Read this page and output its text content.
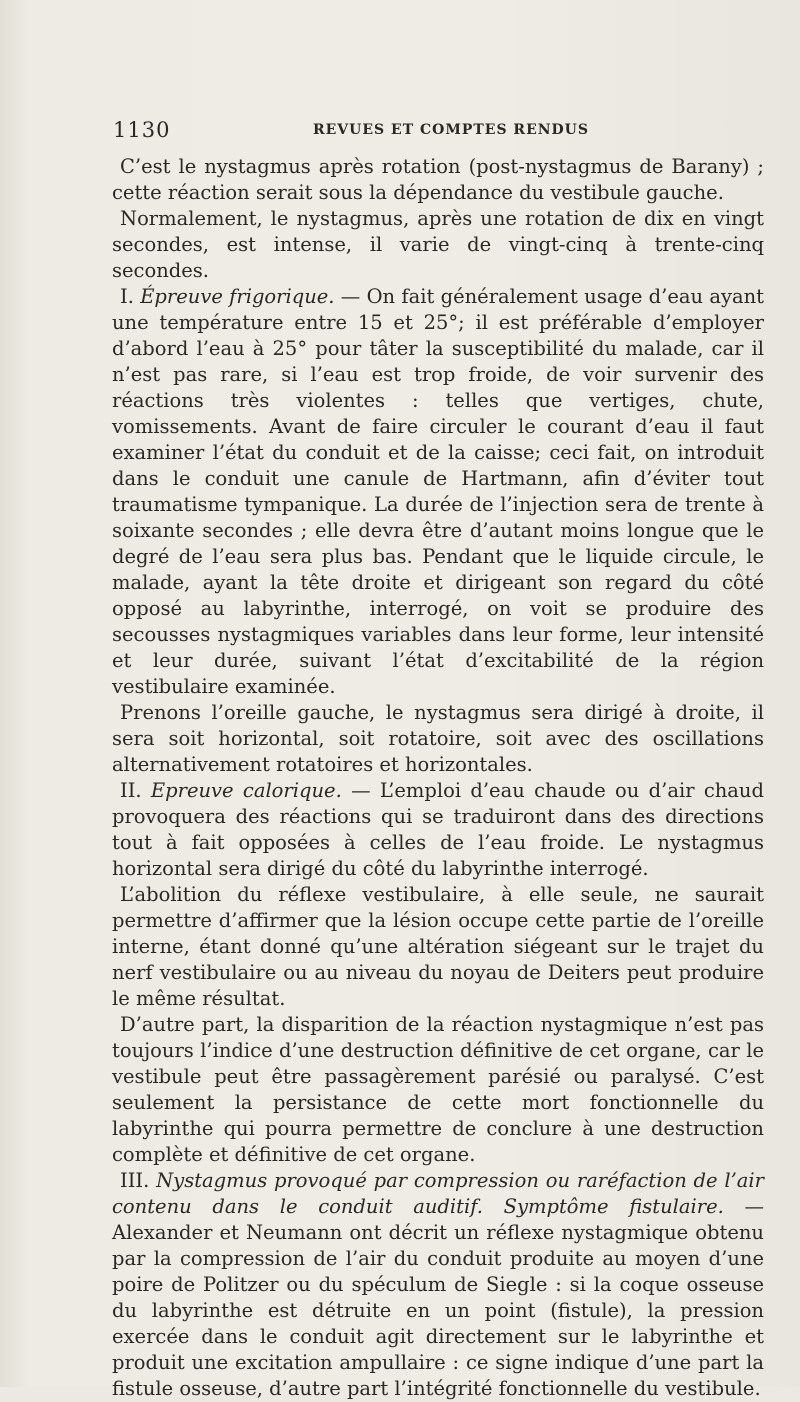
1130	REVUES ET COMPTES RENDUS

C’est le nystagmus après rotation (post-nystagmus de Barany) ; cette réaction serait sous la dépendance du vestibule gauche.

Normalement, le nystagmus, après une rotation de dix en vingt secondes, est intense, il varie de vingt-cinq à trente-cinq secondes.

I. Épreuve frigorique. — On fait généralement usage d’eau ayant une température entre 15 et 25°; il est préférable d’employer d’abord l’eau à 25° pour tâter la susceptibilité du malade, car il n’est pas rare, si l’eau est trop froide, de voir survenir des réactions très violentes : telles que vertiges, chute, vomissements. Avant de faire circuler le courant d’eau il faut examiner l’état du conduit et de la caisse; ceci fait, on introduit dans le conduit une canule de Hartmann, afin d’éviter tout traumatisme tympanique. La durée de l’injection sera de trente à soixante secondes ; elle devra être d’autant moins longue que le degré de l’eau sera plus bas. Pendant que le liquide circule, le malade, ayant la tête droite et dirigeant son regard du côté opposé au labyrinthe, interrogé, on voit se produire des secousses nystagmiques variables dans leur forme, leur intensité et leur durée, suivant l’état d’excitabilité de la région vestibulaire examinée.

Prenons l’oreille gauche, le nystagmus sera dirigé à droite, il sera soit horizontal, soit rotatoire, soit avec des oscillations alternativement rotatoires et horizontales.

II. Epreuve calorique. — L’emploi d’eau chaude ou d’air chaud provoquera des réactions qui se traduiront dans des directions tout à fait opposées à celles de l’eau froide. Le nystagmus horizontal sera dirigé du côté du labyrinthe interrogé.

L’abolition du réflexe vestibulaire, à elle seule, ne saurait permettre d’affirmer que la lésion occupe cette partie de l’oreille interne, étant donné qu’une altération siégeant sur le trajet du nerf vestibulaire ou au niveau du noyau de Deiters peut produire le même résultat.

D’autre part, la disparition de la réaction nystagmique n’est pas toujours l’indice d’une destruction définitive de cet organe, car le vestibule peut être passagèrement parésié ou paralysé. C’est seulement la persistance de cette mort fonctionnelle du labyrinthe qui pourra permettre de conclure à une destruction complète et définitive de cet organe.

III. Nystagmus provoqué par compression ou raréfaction de l’air contenu dans le conduit auditif. Symptôme fistulaire. — Alexander et Neumann ont décrit un réflexe nystagmique obtenu par la compression de l’air du conduit produite au moyen d’une poire de Politzer ou du spéculum de Siegle : si la coque osseuse du labyrinthe est détruite en un point (fistule), la pression exercée dans le conduit agit directement sur le labyrinthe et produit une excitation ampullaire : ce signe indique d’une part la fistule osseuse, d’autre part l’intégrité fonctionnelle du vestibule.
